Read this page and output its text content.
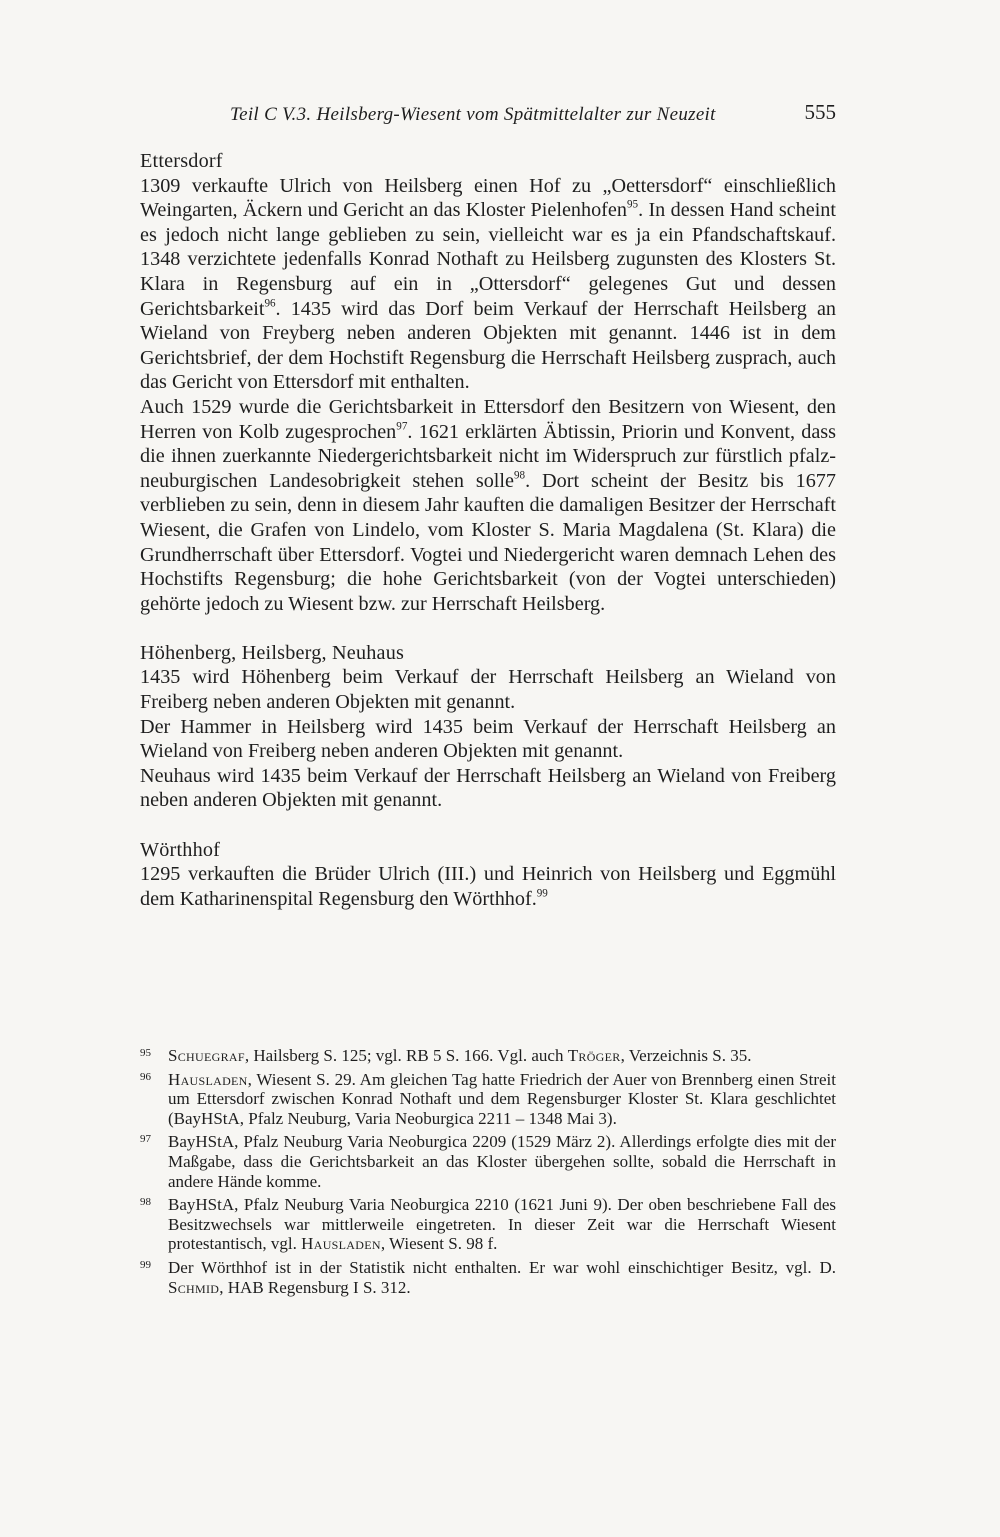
Teil C V.3. Heilsberg-Wiesent vom Spätmittelalter zur Neuzeit	555

Ettersdorf

1309 verkaufte Ulrich von Heilsberg einen Hof zu „Oettersdorf“ einschließlich Weingarten, Äckern und Gericht an das Kloster Pielenhofen$^{95}$. In dessen Hand scheint es jedoch nicht lange geblieben zu sein, vielleicht war es ja ein Pfandschaftskauf. 1348 verzichtete jedenfalls Konrad Nothaft zu Heilsberg zugunsten des Klosters St. Klara in Regensburg auf ein in „Ottersdorf“ gelegenes Gut und dessen Gerichtsbarkeit$^{96}$. 1435 wird das Dorf beim Verkauf der Herrschaft Heilsberg an Wieland von Freyberg neben anderen Objekten mit genannt. 1446 ist in dem Gerichtsbrief, der dem Hochstift Regensburg die Herrschaft Heilsberg zusprach, auch das Gericht von Ettersdorf mit enthalten.

Auch 1529 wurde die Gerichtsbarkeit in Ettersdorf den Besitzern von Wiesent, den Herren von Kolb zugesprochen$^{97}$. 1621 erklärten Äbtissin, Priorin und Konvent, dass die ihnen zuerkannte Niedergerichtsbarkeit nicht im Widerspruch zur fürstlich pfalz-neuburgischen Landesobrigkeit stehen solle$^{98}$. Dort scheint der Besitz bis 1677 verblieben zu sein, denn in diesem Jahr kauften die damaligen Besitzer der Herrschaft Wiesent, die Grafen von Lindelo, vom Kloster S. Maria Magdalena (St. Klara) die Grundherrschaft über Ettersdorf. Vogtei und Niedergericht waren demnach Lehen des Hochstifts Regensburg; die hohe Gerichtsbarkeit (von der Vogtei unterschieden) gehörte jedoch zu Wiesent bzw. zur Herrschaft Heilsberg.

Höhenberg, Heilsberg, Neuhaus

1435 wird Höhenberg beim Verkauf der Herrschaft Heilsberg an Wieland von Freiberg neben anderen Objekten mit genannt.

Der Hammer in Heilsberg wird 1435 beim Verkauf der Herrschaft Heilsberg an Wieland von Freiberg neben anderen Objekten mit genannt.

Neuhaus wird 1435 beim Verkauf der Herrschaft Heilsberg an Wieland von Freiberg neben anderen Objekten mit genannt.

Wörthhof

1295 verkauften die Brüder Ulrich (III.) und Heinrich von Heilsberg und Eggmühl dem Katharinenspital Regensburg den Wörthhof.$^{99}$

95 Schuegraf, Hailsberg S. 125; vgl. RB 5 S. 166. Vgl. auch Tröger, Verzeichnis S. 35.
96 Hausladen, Wiesent S. 29. Am gleichen Tag hatte Friedrich der Auer von Brennberg einen Streit um Ettersdorf zwischen Konrad Nothaft und dem Regensburger Kloster St. Klara geschlichtet (BayHStA, Pfalz Neuburg, Varia Neoburgica 2211 – 1348 Mai 3).
97 BayHStA, Pfalz Neuburg Varia Neoburgica 2209 (1529 März 2). Allerdings erfolgte dies mit der Maßgabe, dass die Gerichtsbarkeit an das Kloster übergehen sollte, sobald die Herrschaft in andere Hände komme.
98 BayHStA, Pfalz Neuburg Varia Neoburgica 2210 (1621 Juni 9). Der oben beschriebene Fall des Besitzwechsels war mittlerweile eingetreten. In dieser Zeit war die Herrschaft Wiesent protestantisch, vgl. Hausladen, Wiesent S. 98 f.
99 Der Wörthhof ist in der Statistik nicht enthalten. Er war wohl einschichtiger Besitz, vgl. D. Schmid, HAB Regensburg I S. 312.
